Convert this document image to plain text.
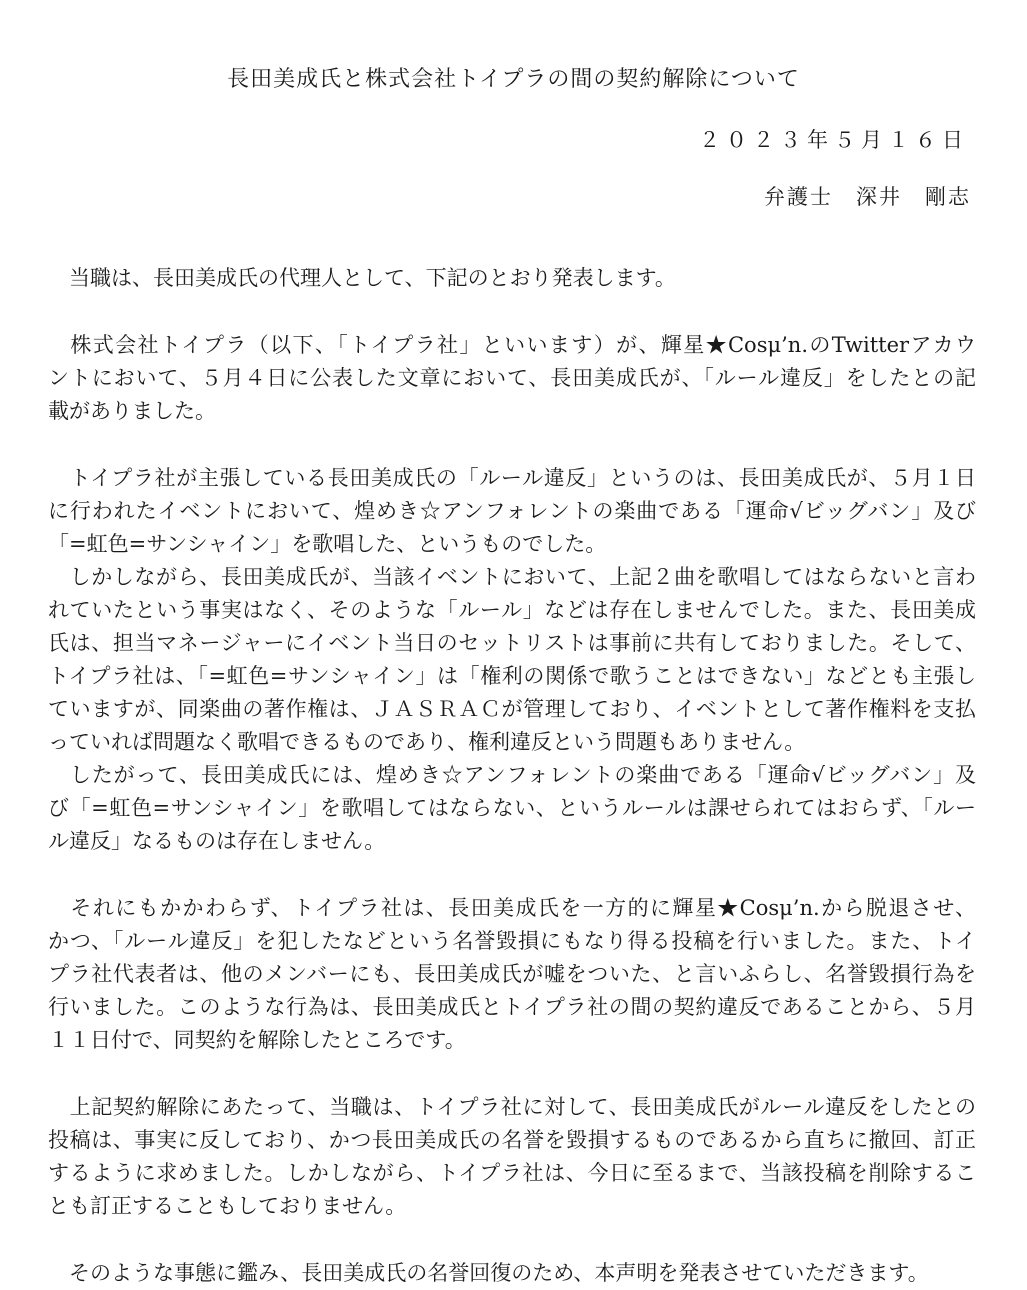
長田美成氏と株式会社トイプラの間の契約解除について
２０２３年５月１６日
弁護士　深井　剛志
　当職は、長田美成氏の代理人として、下記のとおり発表します。
　株式会社トイプラ（以下、「トイプラ社」といいます）が、輝星★Cosμ’n.のTwitterアカウ
ントにおいて、５月４日に公表した文章において、長田美成氏が、「ルール違反」をしたとの記
載がありました。
　トイプラ社が主張している長田美成氏の「ルール違反」というのは、長田美成氏が、５月１日
に行われたイベントにおいて、煌めき☆アンフォレントの楽曲である「運命√ビッグバン」及び
「=虹色=サンシャイン」を歌唱した、というものでした。
　しかしながら、長田美成氏が、当該イベントにおいて、上記２曲を歌唱してはならないと言わ
れていたという事実はなく、そのような「ルール」などは存在しませんでした。また、長田美成
氏は、担当マネージャーにイベント当日のセットリストは事前に共有しておりました。そして、
トイプラ社は、「=虹色=サンシャイン」は「権利の関係で歌うことはできない」などとも主張し
ていますが、同楽曲の著作権は、ＪＡＳＲＡＣが管理しており、イベントとして著作権料を支払
っていれば問題なく歌唱できるものであり、権利違反という問題もありません。
　したがって、長田美成氏には、煌めき☆アンフォレントの楽曲である「運命√ビッグバン」及
び「=虹色=サンシャイン」を歌唱してはならない、というルールは課せられてはおらず、「ルー
ル違反」なるものは存在しません。
　それにもかかわらず、トイプラ社は、長田美成氏を一方的に輝星★Cosμ’n.から脱退させ、
かつ、「ルール違反」を犯したなどという名誉毀損にもなり得る投稿を行いました。また、トイ
プラ社代表者は、他のメンバーにも、長田美成氏が嘘をついた、と言いふらし、名誉毀損行為を
行いました。このような行為は、長田美成氏とトイプラ社の間の契約違反であることから、５月
１１日付で、同契約を解除したところです。
　上記契約解除にあたって、当職は、トイプラ社に対して、長田美成氏がルール違反をしたとの
投稿は、事実に反しており、かつ長田美成氏の名誉を毀損するものであるから直ちに撤回、訂正
するように求めました。しかしながら、トイプラ社は、今日に至るまで、当該投稿を削除するこ
とも訂正することもしておりません。
　そのような事態に鑑み、長田美成氏の名誉回復のため、本声明を発表させていただきます。
